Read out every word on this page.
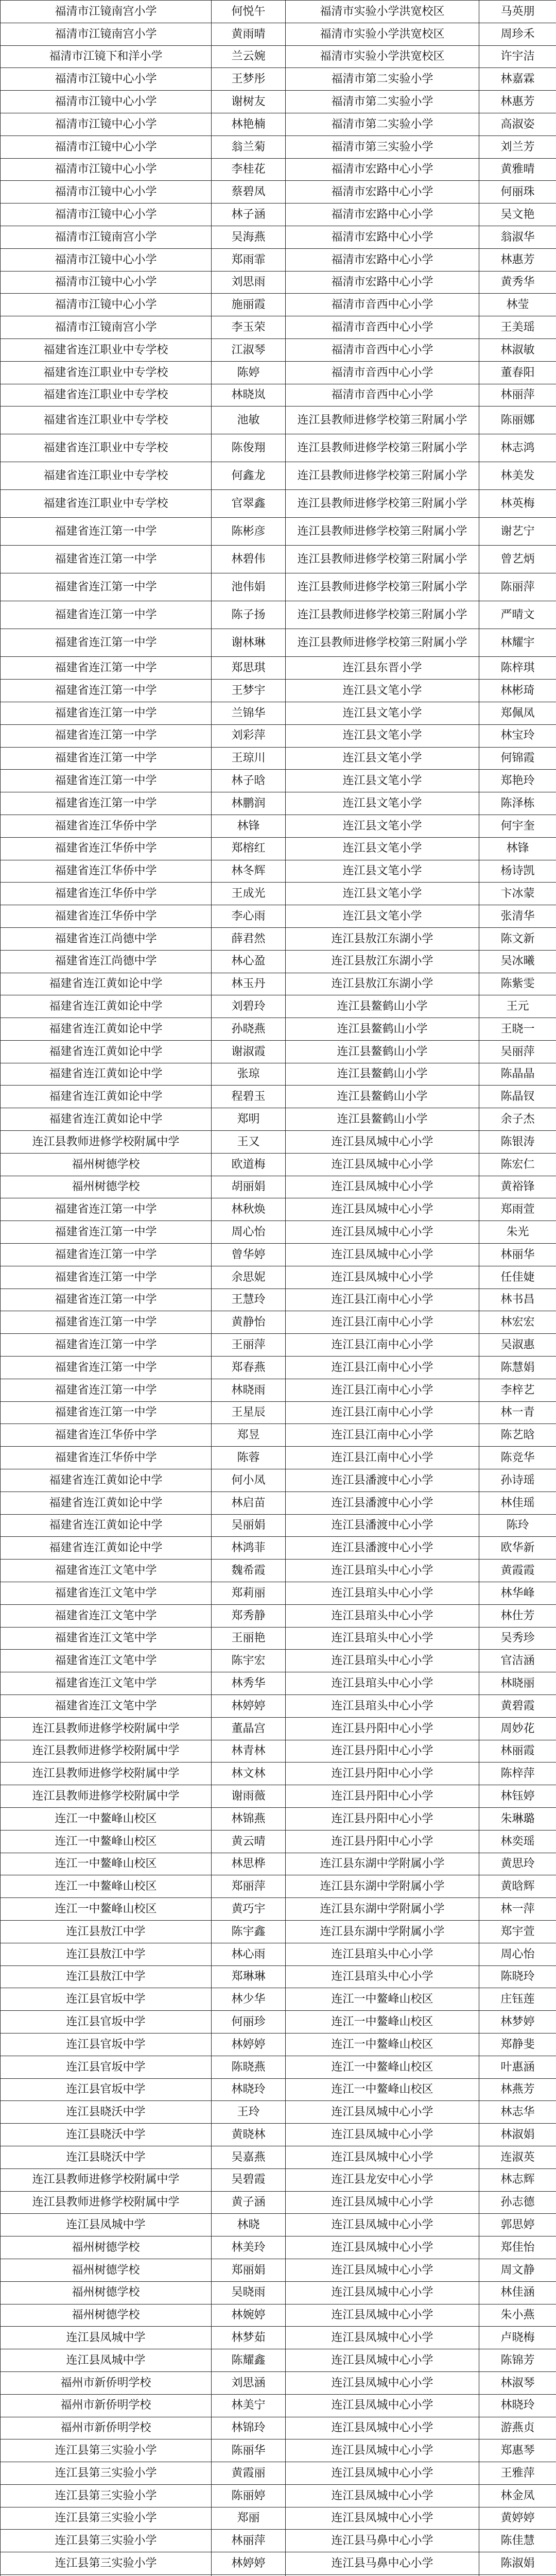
福清市江镜南宫小学	何悦午	福清市实验小学洪宽校区	马英朋
福清市江镜南宫小学	黄雨晴	福清市实验小学洪宽校区	周珍禾
福清市江镜下和洋小学	兰云婉	福清市实验小学洪宽校区	许宇洁
福清市江镜中心小学	王梦彤	福清市第二实验小学	林嘉霖
福清市江镜中心小学	谢树友	福清市第二实验小学	林惠芳
福清市江镜中心小学	林艳楠	福清市第二实验小学	高淑姿
福清市江镜中心小学	翁兰菊	福清市第三实验小学	刘兰芳
福清市江镜中心小学	李桂花	福清市宏路中心小学	黄雅晴
福清市江镜中心小学	蔡碧凤	福清市宏路中心小学	何丽珠
福清市江镜中心小学	林子涵	福清市宏路中心小学	吴文艳
福清市江镜南宫小学	吴海燕	福清市宏路中心小学	翁淑华
福清市江镜中心小学	郑雨霏	福清市宏路中心小学	林惠芳
福清市江镜中心小学	刘思雨	福清市宏路中心小学	黄秀华
福清市江镜中心小学	施丽霞	福清市音西中心小学	林莹
福清市江镜南宫小学	李玉荣	福清市音西中心小学	王美瑶
福建省连江职业中专学校	江淑琴	福清市音西中心小学	林淑敏
福建省连江职业中专学校	陈婷	福清市音西中心小学	董春阳
福建省连江职业中专学校	林晓岚	福清市音西中心小学	林丽萍
福建省连江职业中专学校	池敏	连江县教师进修学校第三附属小学	陈丽娜
福建省连江职业中专学校	陈俊翔	连江县教师进修学校第三附属小学	林志鸿
福建省连江职业中专学校	何鑫龙	连江县教师进修学校第三附属小学	林美发
福建省连江职业中专学校	官翠鑫	连江县教师进修学校第三附属小学	林英梅
福建省连江第一中学	陈彬彦	连江县教师进修学校第三附属小学	谢艺宁
福建省连江第一中学	林碧伟	连江县教师进修学校第三附属小学	曾艺炳
福建省连江第一中学	池伟娟	连江县教师进修学校第三附属小学	陈丽萍
福建省连江第一中学	陈子扬	连江县教师进修学校第三附属小学	严晴文
福建省连江第一中学	谢林琳	连江县教师进修学校第三附属小学	林耀宇
福建省连江第一中学	郑思琪	连江县东晋小学	陈梓琪
福建省连江第一中学	王梦宇	连江县文笔小学	林彬琦
福建省连江第一中学	兰锦华	连江县文笔小学	郑佩凤
福建省连江第一中学	刘彩萍	连江县文笔小学	林宝玲
福建省连江第一中学	王琼川	连江县文笔小学	何锦霞
福建省连江第一中学	林子晗	连江县文笔小学	郑艳玲
福建省连江第一中学	林鹏润	连江县文笔小学	陈泽栋
福建省连江华侨中学	林锋	连江县文笔小学	何宇奎
福建省连江华侨中学	郑榕红	连江县文笔小学	林锋
福建省连江华侨中学	林冬辉	连江县文笔小学	杨诗凯
福建省连江华侨中学	王成光	连江县文笔小学	卞冰蒙
福建省连江华侨中学	李心雨	连江县文笔小学	张清华
福建省连江尚德中学	薛君然	连江县敖江东湖小学	陈文新
福建省连江尚德中学	林心盈	连江县敖江东湖小学	吴冰曦
福建省连江黄如论中学	林玉丹	连江县敖江东湖小学	陈紫雯
福建省连江黄如论中学	刘碧玲	连江县鳌鹤山小学	王元
福建省连江黄如论中学	孙晓燕	连江县鳌鹤山小学	王晓一
福建省连江黄如论中学	谢淑霞	连江县鳌鹤山小学	吴丽萍
福建省连江黄如论中学	张琼	连江县鳌鹤山小学	陈晶晶
福建省连江黄如论中学	程碧玉	连江县鳌鹤山小学	陈晶钗
福建省连江黄如论中学	郑明	连江县鳌鹤山小学	余子杰
连江县教师进修学校附属中学	王又	连江县凤城中心小学	陈银涛
福州树德学校	欧道梅	连江县凤城中心小学	陈宏仁
福州树德学校	胡丽娟	连江县凤城中心小学	黄裕锋
福建省连江第一中学	林秋焕	连江县凤城中心小学	郑雨萱
福建省连江第一中学	周心怡	连江县凤城中心小学	朱光
福建省连江第一中学	曾华婷	连江县凤城中心小学	林丽华
福建省连江第一中学	余思妮	连江县凤城中心小学	任佳婕
福建省连江第一中学	王慧玲	连江县江南中心小学	林书昌
福建省连江第一中学	黄静怡	连江县江南中心小学	林宏宏
福建省连江第一中学	王丽萍	连江县江南中心小学	吴淑惠
福建省连江第一中学	郑春燕	连江县江南中心小学	陈慧娟
福建省连江第一中学	林晓雨	连江县江南中心小学	李梓艺
福建省连江第一中学	王星辰	连江县江南中心小学	林一青
福建省连江华侨中学	郑昱	连江县江南中心小学	陈艺晗
福建省连江华侨中学	陈蓉	连江县江南中心小学	陈竞华
福建省连江黄如论中学	何小凤	连江县潘渡中心小学	孙诗瑶
福建省连江黄如论中学	林启苗	连江县潘渡中心小学	林佳瑶
福建省连江黄如论中学	吴丽娟	连江县潘渡中心小学	陈玲
福建省连江黄如论中学	林鸿菲	连江县潘渡中心小学	欧华新
福建省连江文笔中学	魏希霞	连江县琯头中心小学	黄霞霞
福建省连江文笔中学	郑莉丽	连江县琯头中心小学	林华峰
福建省连江文笔中学	郑秀静	连江县琯头中心小学	林仕芳
福建省连江文笔中学	王丽艳	连江县琯头中心小学	吴秀珍
福建省连江文笔中学	陈宇宏	连江县琯头中心小学	官洁涵
福建省连江文笔中学	林秀华	连江县琯头中心小学	林晓丽
福建省连江文笔中学	林婷婷	连江县琯头中心小学	黄碧霞
连江县教师进修学校附属中学	董晶宫	连江县丹阳中心小学	周妙花
连江县教师进修学校附属中学	林青林	连江县丹阳中心小学	林丽霞
连江县教师进修学校附属中学	林文林	连江县丹阳中心小学	陈梓萍
连江县教师进修学校附属中学	谢雨薇	连江县丹阳中心小学	林钰婷
连江一中鳌峰山校区	林锦燕	连江县丹阳中心小学	朱琳璐
连江一中鳌峰山校区	黄云晴	连江县丹阳中心小学	林奕瑶
连江一中鳌峰山校区	林思桦	连江县东湖中学附属小学	黄思玲
连江一中鳌峰山校区	郑丽萍	连江县东湖中学附属小学	黄晗辉
连江一中鳌峰山校区	黄巧宇	连江县东湖中学附属小学	林一萍
连江县敖江中学	陈宇鑫	连江县东湖中学附属小学	郑宇萱
连江县敖江中学	林心雨	连江县琯头中心小学	周心怡
连江县敖江中学	郑琳琳	连江县琯头中心小学	陈晓玲
连江县官坂中学	林少华	连江一中鳌峰山校区	庄钰莲
连江县官坂中学	何丽珍	连江一中鳌峰山校区	林梦婷
连江县官坂中学	林婷婷	连江一中鳌峰山校区	郑静斐
连江县官坂中学	陈晓燕	连江一中鳌峰山校区	叶惠涵
连江县官坂中学	林晓玲	连江一中鳌峰山校区	林燕芳
连江县晓沃中学	王玲	连江县凤城中心小学	林志华
连江县晓沃中学	黄晓林	连江县凤城中心小学	林淑娟
连江县晓沃中学	吴嘉燕	连江县凤城中心小学	连淑英
连江县教师进修学校附属中学	吴碧霞	连江县龙安中心小学	林志辉
连江县教师进修学校附属中学	黄子涵	连江县凤城中心小学	孙志德
连江县凤城中学	林晓	连江县凤城中心小学	郭思婷
福州树德学校	林美玲	连江县凤城中心小学	郑佳怡
福州树德学校	郑丽娟	连江县凤城中心小学	周文静
福州树德学校	吴晓雨	连江县凤城中心小学	林佳涵
福州树德学校	林婉婷	连江县凤城中心小学	朱小燕
连江县凤城中学	林梦茹	连江县凤城中心小学	卢晓梅
连江县凤城中学	陈耀鑫	连江县凤城中心小学	陈锦芳
福州市新侨明学校	刘思涵	连江县凤城中心小学	林淑琴
福州市新侨明学校	林美宁	连江县凤城中心小学	林晓玲
福州市新侨明学校	林锦玲	连江县凤城中心小学	游燕贞
连江县第三实验小学	陈丽华	连江县凤城中心小学	郑惠琴
连江县第三实验小学	黄霞丽	连江县凤城中心小学	王雅萍
连江县第三实验小学	陈丽婷	连江县凤城中心小学	林金凤
连江县第三实验小学	郑丽	连江县凤城中心小学	黄婷婷
连江县第三实验小学	林丽萍	连江县马鼻中心小学	陈佳慧
连江县第三实验小学	林婷婷	连江县马鼻中心小学	陈淑娟
